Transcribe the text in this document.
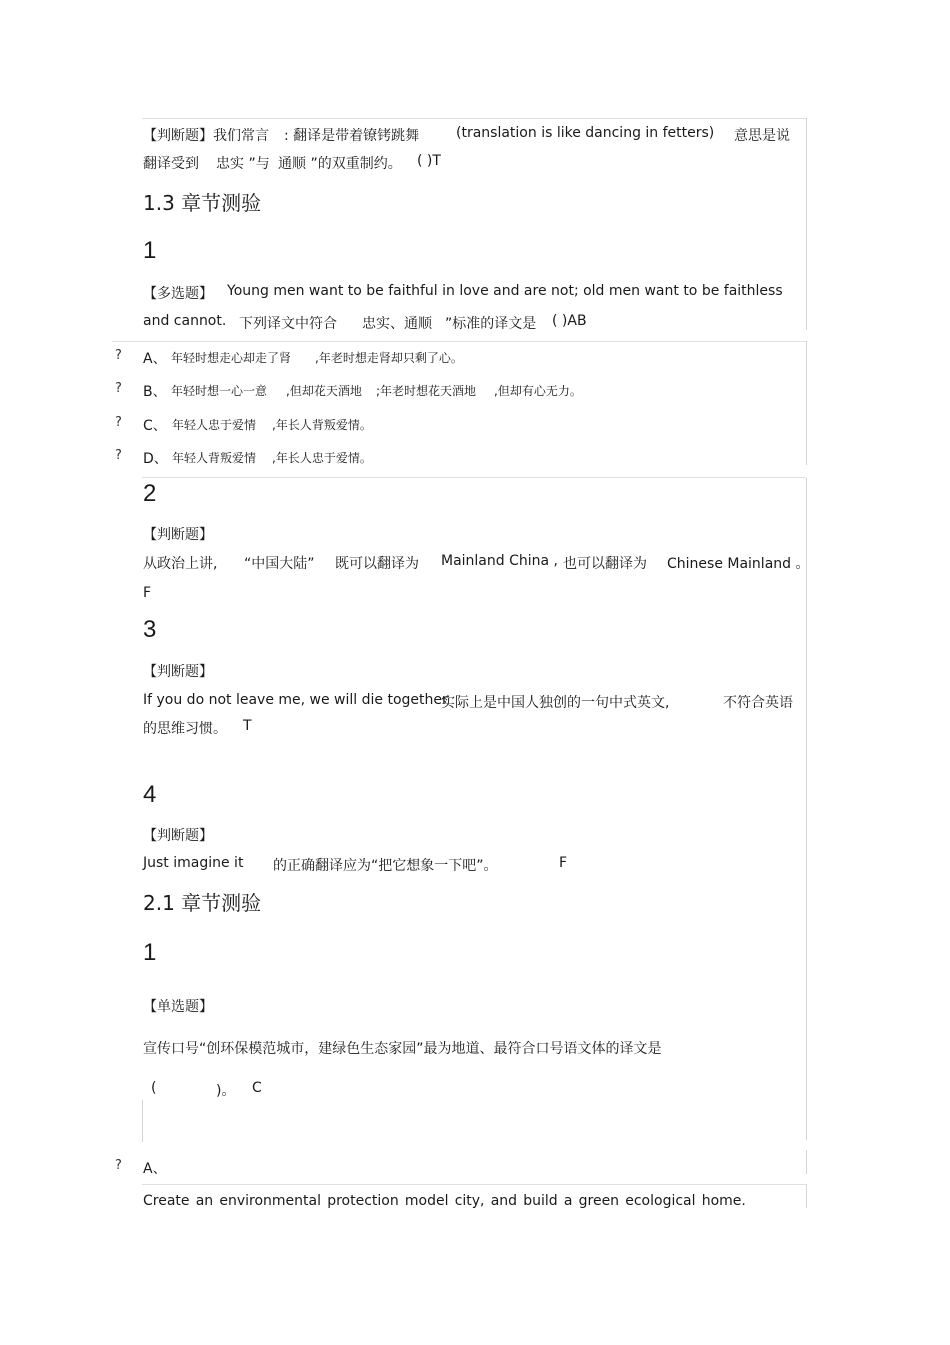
【判断题】我们常言 : 翻译是带着镣铐跳舞	(translation is like dancing in fetters) 意思是说
翻译受到 忠实 ”与 通顺 ”的双重制约。 ( )T
1.3 章节测验
1
【多选题】 Young men want to be faithful in love and are not; old men want to be faithless
and cannot. 下列译文中符合 忠实、通顺 ”标准的译文是 ( )AB
? A、 年轻时想走心却走了肾 ,年老时想走肾却只剩了心。
? B、 年轻时想一心一意 ,但却花天酒地 ;年老时想花天酒地 ,但却有心无力。
? C、 年轻人忠于爱情 ,年长人背叛爱情。
? D、 年轻人背叛爱情 ,年长人忠于爱情。
2
【判断题】
从政治上讲, “中国大陆” 既可以翻译为 Mainland China , 也可以翻译为 Chinese Mainland 。
F
3
【判断题】
If you do not leave me, we will die together
实际上是中国人独创的一句中式英文,	不符合英语
的思维习惯。 T
4
【判断题】
Just imagine it 的正确翻译应为“把它想象一下吧”。	F
2.1 章节测验
1
【单选题】
宣传口号“创环保模范城市，建绿色生态家园”最为地道、最符合口号语文体的译文是
(	)。 C
? A、
Create an environmental protection model city, and build a green ecological home.
